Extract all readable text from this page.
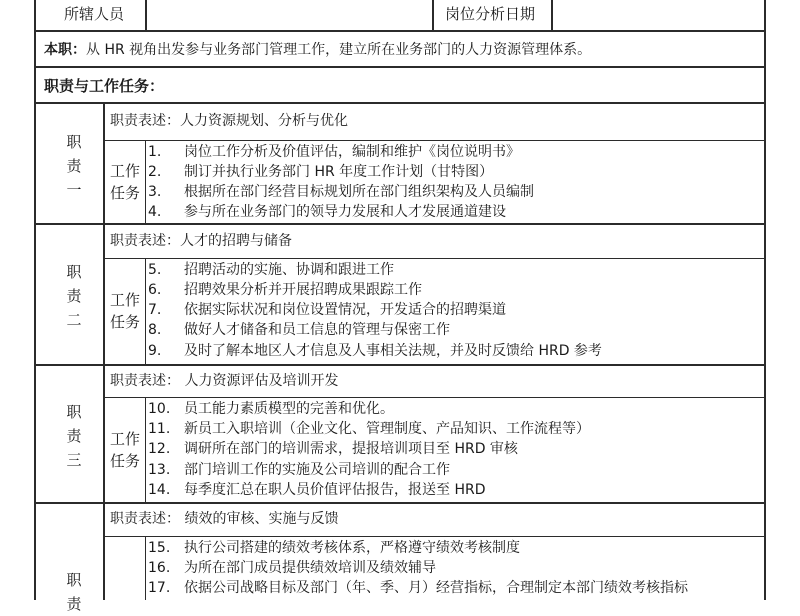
所辖人员	岗位分析日期
本职：从 HR 视角出发参与业务部门管理工作，建立所在业务部门的人力资源管理体系。
职责与工作任务：
职
责
一
职责表述：人力资源规划、分析与优化
工作
任务
1. 岗位工作分析及价值评估，编制和维护《岗位说明书》
2. 制订并执行业务部门 HR 年度工作计划（甘特图）
3. 根据所在部门经营目标规划所在部门组织架构及人员编制
4. 参与所在业务部门的领导力发展和人才发展通道建设
职
责
二
职责表述：人才的招聘与储备
工作
任务
5. 招聘活动的实施、协调和跟进工作
6. 招聘效果分析并开展招聘成果跟踪工作
7. 依据实际状况和岗位设置情况，开发适合的招聘渠道
8. 做好人才储备和员工信息的管理与保密工作
9. 及时了解本地区人才信息及人事相关法规，并及时反馈给 HRD 参考
职
责
三
职责表述： 人力资源评估及培训开发
工作
任务
10. 员工能力素质模型的完善和优化。
11. 新员工入职培训（企业文化、管理制度、产品知识、工作流程等）
12. 调研所在部门的培训需求，提报培训项目至 HRD 审核
13. 部门培训工作的实施及公司培训的配合工作
14. 每季度汇总在职人员价值评估报告，报送至 HRD
职
责
职责表述： 绩效的审核、实施与反馈
15. 执行公司搭建的绩效考核体系，严格遵守绩效考核制度
16. 为所在部门成员提供绩效培训及绩效辅导
17. 依据公司战略目标及部门（年、季、月）经营指标，合理制定本部门绩效考核指标
